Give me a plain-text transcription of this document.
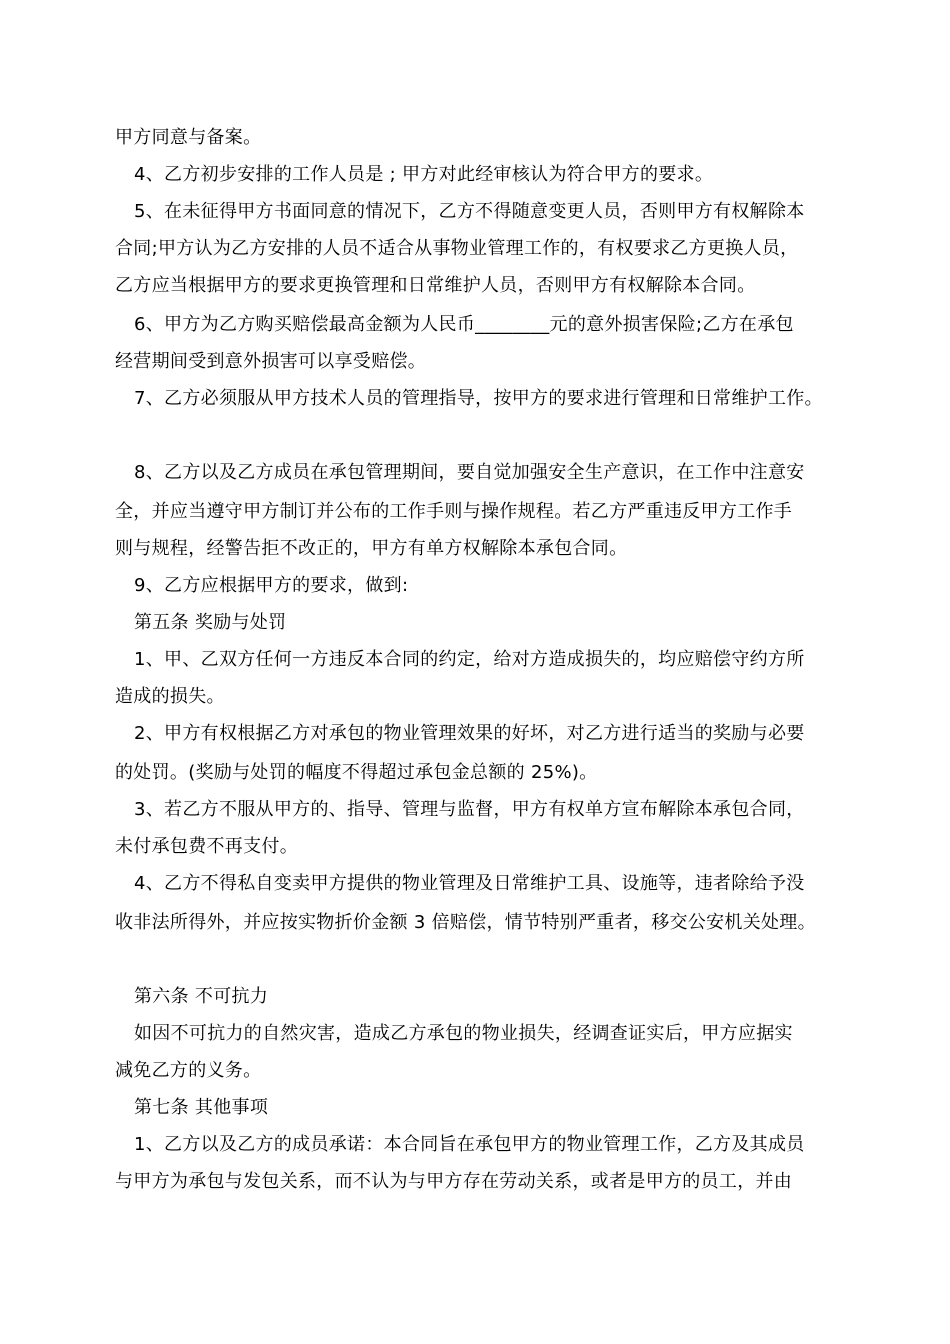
甲方同意与备案。
4、乙方初步安排的工作人员是 ; 甲方对此经审核认为符合甲方的要求。
5、在未征得甲方书面同意的情况下，乙方不得随意变更人员，否则甲方有权解除本
合同;甲方认为乙方安排的人员不适合从事物业管理工作的，有权要求乙方更换人员，
乙方应当根据甲方的要求更换管理和日常维护人员，否则甲方有权解除本合同。
6、甲方为乙方购买赔偿最高金额为人民币________元的意外损害保险;乙方在承包
经营期间受到意外损害可以享受赔偿。
7、乙方必须服从甲方技术人员的管理指导，按甲方的要求进行管理和日常维护工作。
8、乙方以及乙方成员在承包管理期间，要自觉加强安全生产意识，在工作中注意安
全，并应当遵守甲方制订并公布的工作手则与操作规程。若乙方严重违反甲方工作手
则与规程，经警告拒不改正的，甲方有单方权解除本承包合同。
9、乙方应根据甲方的要求，做到:
第五条 奖励与处罚
1、甲、乙双方任何一方违反本合同的约定，给对方造成损失的，均应赔偿守约方所
造成的损失。
2、甲方有权根据乙方对承包的物业管理效果的好坏，对乙方进行适当的奖励与必要
的处罚。(奖励与处罚的幅度不得超过承包金总额的 25%)。
3、若乙方不服从甲方的、指导、管理与监督，甲方有权单方宣布解除本承包合同，
未付承包费不再支付。
4、乙方不得私自变卖甲方提供的物业管理及日常维护工具、设施等，违者除给予没
收非法所得外，并应按实物折价金额 3 倍赔偿，情节特别严重者，移交公安机关处理。
第六条 不可抗力
如因不可抗力的自然灾害，造成乙方承包的物业损失，经调查证实后，甲方应据实
减免乙方的义务。
第七条 其他事项
1、乙方以及乙方的成员承诺：本合同旨在承包甲方的物业管理工作，乙方及其成员
与甲方为承包与发包关系，而不认为与甲方存在劳动关系，或者是甲方的员工，并由
